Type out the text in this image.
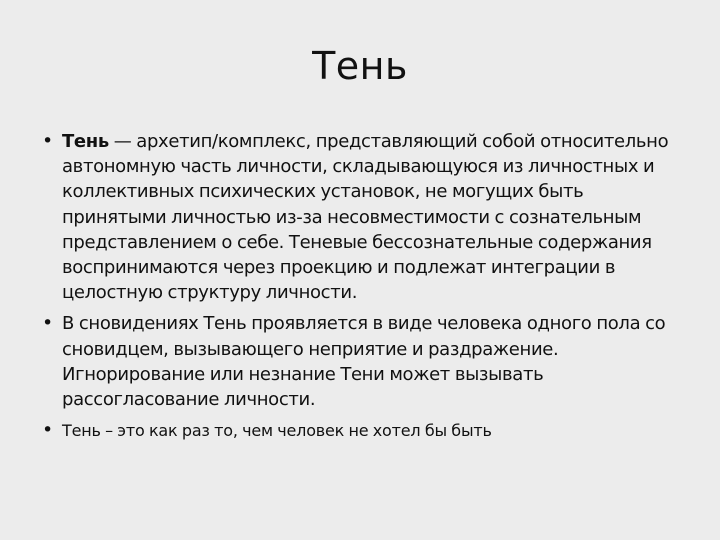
Тень
• Тень — архетип/комплекс, представляющий собой относительно автономную часть личности, складывающуюся из личностных и коллективных психических установок, не могущих быть принятыми личностью из-за несовместимости с сознательным представлением о себе. Теневые бессознательные содержания воспринимаются через проекцию и подлежат интеграции в целостную структуру личности.
• В сновидениях Тень проявляется в виде человека одного пола со сновидцем, вызывающего неприятие и раздражение. Игнорирование или незнание Тени может вызывать рассогласование личности.
• Тень – это как раз то, чем человек не хотел бы быть
